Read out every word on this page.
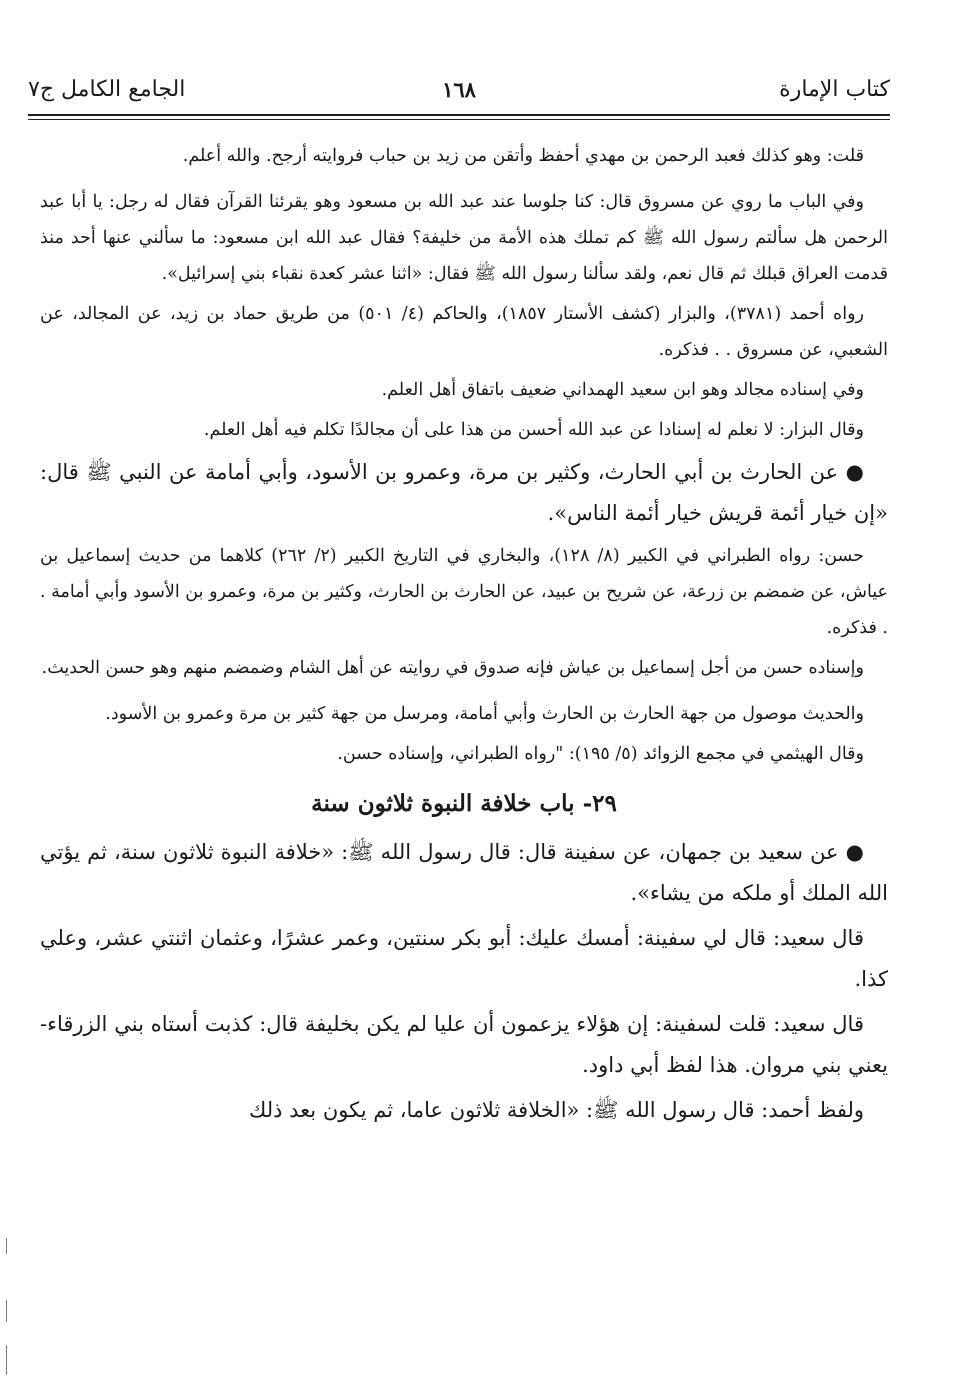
كتاب الإمارة
١٦٨
الجامع الكامل ج٧

قلت: وهو كذلك فعبد الرحمن بن مهدي أحفظ وأتقن من زيد بن حباب فروايته أرجح. والله أعلم.

وفي الباب ما روي عن مسروق قال: كنا جلوسا عند عبد الله بن مسعود وهو يقرئنا القرآن فقال له رجل: يا أبا عبد الرحمن هل سألتم رسول الله ﷺ كم تملك هذه الأمة من خليفة؟ فقال عبد الله ابن مسعود: ما سألني عنها أحد منذ قدمت العراق قبلك ثم قال نعم، ولقد سألنا رسول الله ﷺ فقال: «اثنا عشر كعدة نقباء بني إسرائيل».

رواه أحمد (٣٧٨١)، والبزار (كشف الأستار ١٨٥٧)، والحاكم (٤/ ٥٠١) من طريق حماد بن زيد، عن المجالد، عن الشعبي، عن مسروق . . فذكره.

وفي إسناده مجالد وهو ابن سعيد الهمداني ضعيف باتفاق أهل العلم.

وقال البزار: لا نعلم له إسنادا عن عبد الله أحسن من هذا على أن مجالدًا تكلم فيه أهل العلم.

● عن الحارث بن أبي الحارث، وكثير بن مرة، وعمرو بن الأسود، وأبي أمامة عن النبي ﷺ قال: «إن خيار أئمة قريش خيار أئمة الناس».

حسن: رواه الطبراني في الكبير (٨/ ١٢٨)، والبخاري في التاريخ الكبير (٢/ ٢٦٢) كلاهما من حديث إسماعيل بن عياش، عن ضمضم بن زرعة، عن شريح بن عبيد، عن الحارث بن الحارث، وكثير بن مرة، وعمرو بن الأسود وأبي أمامة . . فذكره.

وإسناده حسن من أجل إسماعيل بن عياش فإنه صدوق في روايته عن أهل الشام وضمضم منهم وهو حسن الحديث.

والحديث موصول من جهة الحارث بن الحارث وأبي أمامة، ومرسل من جهة كثير بن مرة وعمرو بن الأسود.

وقال الهيثمي في مجمع الزوائد (٥/ ١٩٥): "رواه الطبراني، وإسناده حسن.

٢٩- باب خلافة النبوة ثلاثون سنة

● عن سعيد بن جمهان، عن سفينة قال: قال رسول الله ﷺ: «خلافة النبوة ثلاثون سنة، ثم يؤتي الله الملك أو ملكه من يشاء».

قال سعيد: قال لي سفينة: أمسك عليك: أبو بكر سنتين، وعمر عشرًا، وعثمان اثنتي عشر، وعلي كذا.

قال سعيد: قلت لسفينة: إن هؤلاء يزعمون أن عليا لم يكن بخليفة قال: كذبت أستاه بني الزرقاء- يعني بني مروان. هذا لفظ أبي داود.

ولفظ أحمد: قال رسول الله ﷺ: «الخلافة ثلاثون عاما، ثم يكون بعد ذلك
